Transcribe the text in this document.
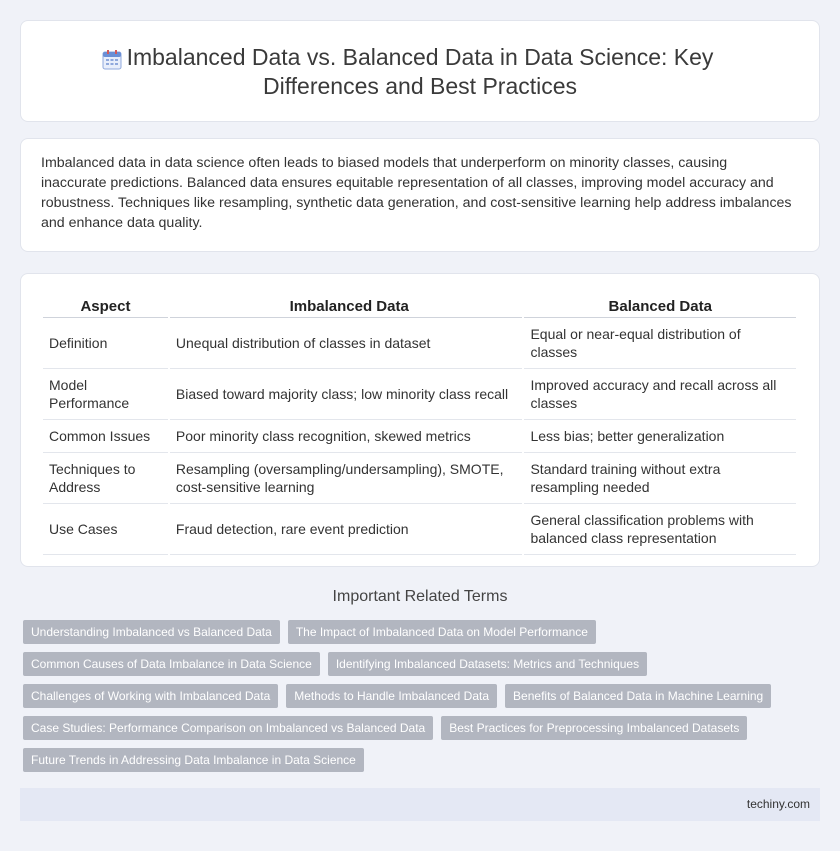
Imbalanced Data vs. Balanced Data in Data Science: Key Differences and Best Practices

Imbalanced data in data science often leads to biased models that underperform on minority classes, causing inaccurate predictions. Balanced data ensures equitable representation of all classes, improving model accuracy and robustness. Techniques like resampling, synthetic data generation, and cost-sensitive learning help address imbalances and enhance data quality.

Aspect	Imbalanced Data	Balanced Data
Definition	Unequal distribution of classes in dataset	Equal or near-equal distribution of classes
Model Performance	Biased toward majority class; low minority class recall	Improved accuracy and recall across all classes
Common Issues	Poor minority class recognition, skewed metrics	Less bias; better generalization
Techniques to Address	Resampling (oversampling/undersampling), SMOTE, cost-sensitive learning	Standard training without extra resampling needed
Use Cases	Fraud detection, rare event prediction	General classification problems with balanced class representation
Important Related Terms
Understanding Imbalanced vs Balanced Data	The Impact of Imbalanced Data on Model Performance
Common Causes of Data Imbalance in Data Science	Identifying Imbalanced Datasets: Metrics and Techniques
Challenges of Working with Imbalanced Data	Methods to Handle Imbalanced Data	Benefits of Balanced Data in Machine Learning
Case Studies: Performance Comparison on Imbalanced vs Balanced Data	Best Practices for Preprocessing Imbalanced Datasets
Future Trends in Addressing Data Imbalance in Data Science
techiny.com
